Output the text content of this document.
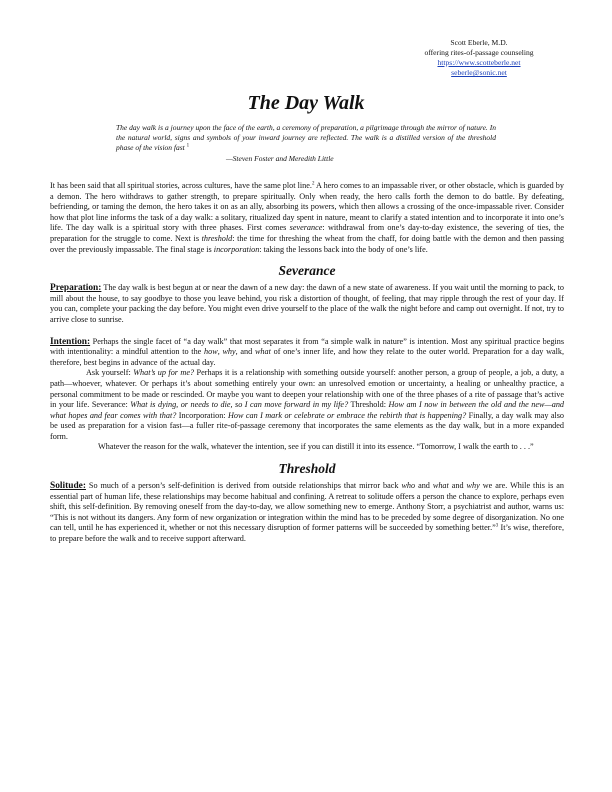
Scott Eberle, M.D.
offering rites-of-passage counseling
https://www.scotteberle.net
seberle@sonic.net
The Day Walk
The day walk is a journey upon the face of the earth, a ceremony of preparation, a pilgrimage through the mirror of nature. In the natural world, signs and symbols of your inward journey are reflected. The walk is a distilled version of the threshold phase of the vision fast $^1$
—Steven Foster and Meredith Little

It has been said that all spiritual stories, across cultures, have the same plot line.$^2$ A hero comes to an impassable river, or other obstacle, which is guarded by a demon. The hero withdraws to gather strength, to prepare spiritually. Only when ready, the hero calls forth the demon to do battle. By defeating, befriending, or taming the demon, the hero takes it on as an ally, absorbing its powers, which then allows a crossing of the once-impassable river. Consider how that plot line informs the task of a day walk: a solitary, ritualized day spent in nature, meant to clarify a stated intention and to incorporate it into one’s life. The day walk is a spiritual story with three phases. First comes severance: withdrawal from one’s day-to-day existence, the severing of ties, the preparation for the struggle to come. Next is threshold: the time for threshing the wheat from the chaff, for doing battle with the demon and then passing over the previously impassable. The final stage is incorporation: taking the lessons back into the body of one’s life.

Severance

Preparation: The day walk is best begun at or near the dawn of a new day: the dawn of a new state of awareness. If you wait until the morning to pack, to mill about the house, to say goodbye to those you leave behind, you risk a distortion of thought, of feeling, that may ripple through the rest of your day. If you can, complete your packing the day before. You might even drive yourself to the place of the walk the night before and camp out overnight. If not, try to arrive close to sunrise.

Intention: Perhaps the single facet of “a day walk” that most separates it from “a simple walk in nature” is intention. Most any spiritual practice begins with intentionality: a mindful attention to the how, why, and what of one’s inner life, and how they relate to the outer world. Preparation for a day walk, therefore, best begins in advance of the actual day.

Ask yourself: What’s up for me? Perhaps it is a relationship with something outside yourself: another person, a group of people, a job, a duty, a path—whoever, whatever. Or perhaps it’s about something entirely your own: an unresolved emotion or uncertainty, a healing or unhealthy practice, a personal commitment to be made or rescinded. Or maybe you want to deepen your relationship with one of the three phases of a rite of passage that’s active in your life. Severance: What is dying, or needs to die, so I can move forward in my life? Threshold: How am I now in between the old and the new—and what hopes and fear comes with that? Incorporation: How can I mark or celebrate or embrace the rebirth that is happening? Finally, a day walk may also be used as preparation for a vision fast—a fuller rite-of-passage ceremony that incorporates the same elements as the day walk, but in a more expanded form.

Whatever the reason for the walk, whatever the intention, see if you can distill it into its essence. “Tomorrow, I walk the earth to . . .”

Threshold

Solitude: So much of a person’s self-definition is derived from outside relationships that mirror back who and what and why we are. While this is an essential part of human life, these relationships may become habitual and confining. A retreat to solitude offers a person the chance to explore, perhaps even shift, this self-definition. By removing oneself from the day-to-day, we allow something new to emerge. Anthony Storr, a psychiatrist and author, warns us: “This is not without its dangers. Any form of new organization or integration within the mind has to be preceded by some degree of disorganization. No one can tell, until he has experienced it, whether or not this necessary disruption of former patterns will be succeeded by something better.”$^3$ It’s wise, therefore, to prepare before the walk and to receive support afterward.
